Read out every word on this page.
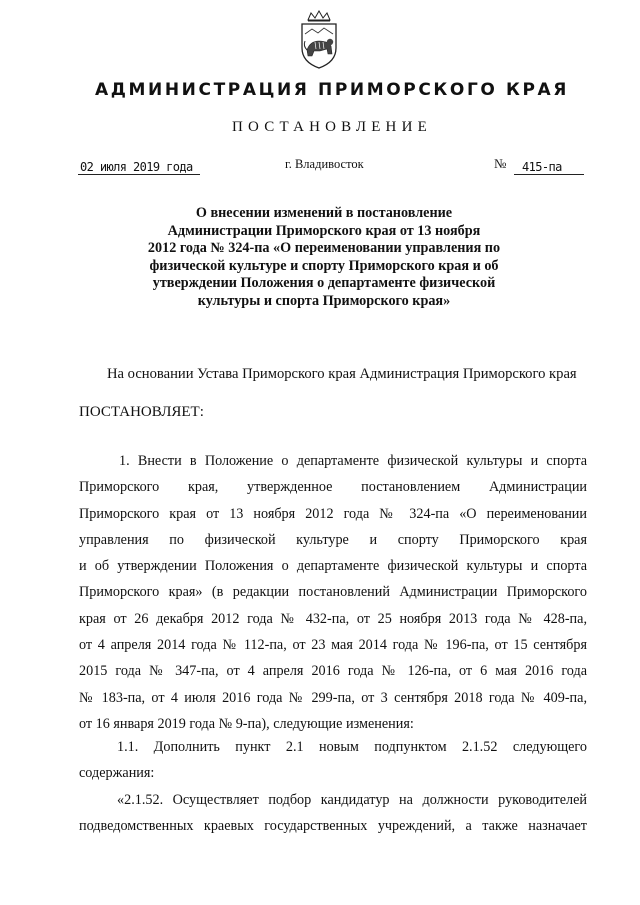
АДМИНИСТРАЦИЯ ПРИМОРСКОГО КРАЯ
ПОСТАНОВЛЕНИЕ
02 июля 2019 года	г. Владивосток	№	415-па
О внесении изменений в постановление
Администрации Приморского края от 13 ноября
2012 года № 324-па «О переименовании управления по
физической культуре и спорту Приморского края и об
утверждении Положения о департаменте физической
культуры и спорта Приморского края»
На основании Устава Приморского края Администрация Приморского края
ПОСТАНОВЛЯЕТ:
1. Внести в Положение о департаменте физической культуры и спорта
Приморского края, утвержденное постановлением Администрации
Приморского края от 13 ноября 2012 года № 324-па «О переименовании
управления по физической культуре и спорту Приморского края
и об утверждении Положения о департаменте физической культуры и спорта
Приморского края» (в редакции постановлений Администрации Приморского
края от 26 декабря 2012 года № 432-па, от 25 ноября 2013 года № 428-па,
от 4 апреля 2014 года № 112-па, от 23 мая 2014 года № 196-па, от 15 сентября
2015 года № 347-па, от 4 апреля 2016 года № 126-па, от 6 мая 2016 года
№ 183-па, от 4 июля 2016 года № 299-па, от 3 сентября 2018 года № 409-па,
от 16 января 2019 года № 9-па), следующие изменения:
1.1. Дополнить пункт 2.1 новым подпунктом 2.1.52 следующего
содержания:
«2.1.52. Осуществляет подбор кандидатур на должности руководителей
подведомственных краевых государственных учреждений, а также назначает
